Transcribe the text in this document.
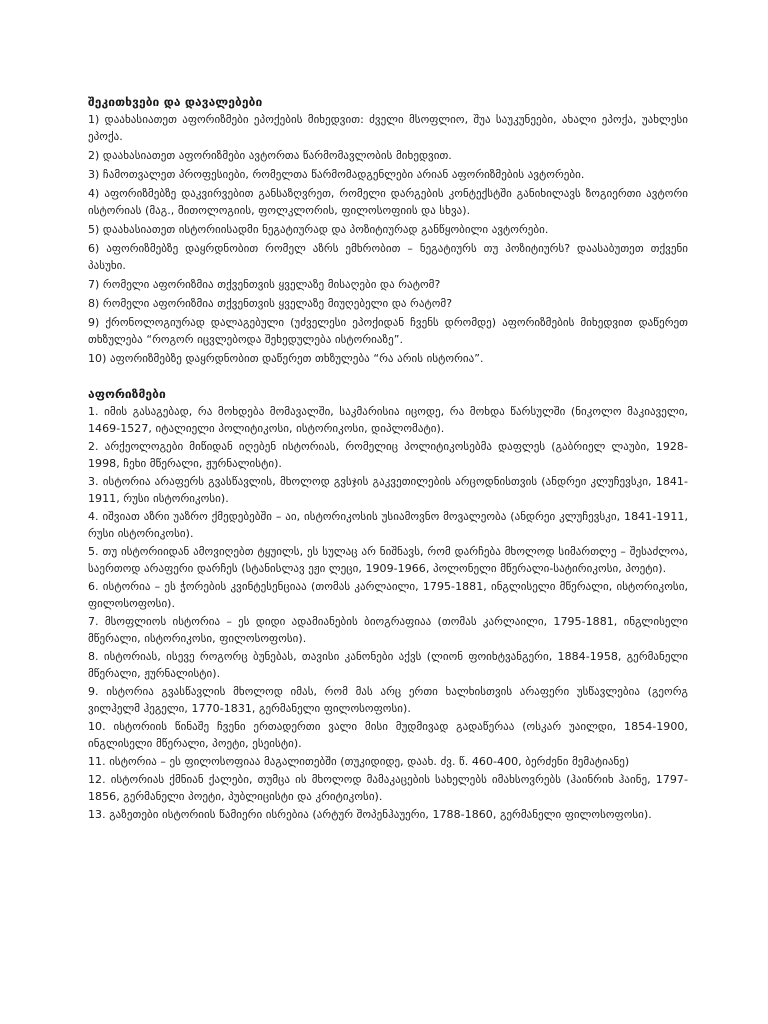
შეკითხვები და დავალებები

1) დაახასიათეთ აფორიზმები ეპოქების მიხედვით: ძველი მსოფლიო, შუა საუკუნეები, ახალი ეპოქა, უახლესი ეპოქა.

2) დაახასიათეთ აფორიზმები ავტორთა წარმომავლობის მიხედვით.

3) ჩამოთვალეთ პროფესიები, რომელთა წარმომადგენლები არიან აფორიზმების ავტორები.

4) აფორიზმებზე დაკვირვებით განსაზღვრეთ, რომელი დარგების კონტექსტში განიხილავს ზოგიერთი ავტორი ისტორიას (მაგ., მითოლოგიის, ფოლკლორის, ფილოსოფიის და სხვა).

5) დაახასიათეთ ისტორიისადმი ნეგატიურად და პოზიტიურად განწყობილი ავტორები.

6) აფორიზმებზე დაყრდნობით რომელ აზრს ემხრობით – ნეგატიურს თუ პოზიტიურს? დაასაბუთეთ თქვენი პასუხი.

7) რომელი აფორიზმია თქვენთვის ყველაზე მისაღები და რატომ?

8) რომელი აფორიზმია თქვენთვის ყველაზე მიუღებელი და რატომ?

9) ქრონოლოგიურად დალაგებული (უძველესი ეპოქიდან ჩვენს დრომდე) აფორიზმების მიხედვით დაწერეთ თხზულება “როგორ იცვლებოდა შეხედულება ისტორიაზე”.

10) აფორიზმებზე დაყრდნობით დაწერეთ თხზულება “რა არის ისტორია”.

აფორიზმები

1. იმის გასაგებად, რა მოხდება მომავალში, საკმარისია იცოდე, რა მოხდა წარსულში (ნიკოლო მაკიაველი, 1469-1527, იტალიელი პოლიტიკოსი, ისტორიკოსი, დიპლომატი).

2. არქეოლოგები მიწიდან იღებენ ისტორიას, რომელიც პოლიტიკოსებმა დაფლეს (გაბრიელ ლაუბი, 1928-1998, ჩეხი მწერალი, ჟურნალისტი).

3. ისტორია არაფერს გვასწავლის, მხოლოდ გვსჯის გაკვეთილების არცოდნისთვის (ანდრეი კლუჩევსკი, 1841-1911, რუსი ისტორიკოსი).

4. იშვიათ აზრი უაზრო ქმედებებში – აი, ისტორიკოსის უსიამოვნო მოვალეობა (ანდრეი კლუჩევსკი, 1841-1911, რუსი ისტორიკოსი).

5. თუ ისტორიიდან ამოვიღებთ ტყუილს, ეს სულაც არ ნიშნავს, რომ დარჩება მხოლოდ სიმართლე – შესაძლოა, საერთოდ არაფერი დარჩეს (სტანისლავ ეჟი ლეცი, 1909-1966, პოლონელი მწერალი-სატირიკოსი, პოეტი).

6. ისტორია – ეს ჭორების კვინტესენციაა (თომას კარლაილი, 1795-1881, ინგლისელი მწერალი, ისტორიკოსი, ფილოსოფოსი).

7. მსოფლიოს ისტორია – ეს დიდი ადამიანების ბიოგრაფიაა (თომას კარლაილი, 1795-1881, ინგლისელი მწერალი, ისტორიკოსი, ფილოსოფოსი).

8. ისტორიას, ისევე როგორც ბუნებას, თავისი კანონები აქვს (ლიონ ფოიხტვანგერი, 1884-1958, გერმანელი მწერალი, ჟურნალისტი).

9. ისტორია გვასწავლის მხოლოდ იმას, რომ მას არც ერთი ხალხისთვის არაფერი უსწავლებია (გეორგ ვილჰელმ ჰეგელი, 1770-1831, გერმანელი ფილოსოფოსი).

10. ისტორიის წინაშე ჩვენი ერთადერთი ვალი მისი მუდმივად გადაწერაა (ოსკარ უაილდი, 1854-1900, ინგლისელი მწერალი, პოეტი, ესეისტი).

11. ისტორია – ეს ფილოსოფიაა მაგალითებში (თუკიდიდე, დაახ. ძვ. წ. 460-400, ბერძენი მემატიანე)

12. ისტორიას ქმნიან ქალები, თუმცა ის მხოლოდ მამაკაცების სახელებს იმახსოვრებს (ჰაინრიხ ჰაინე, 1797-1856, გერმანელი პოეტი, პუბლიცისტი და კრიტიკოსი).

13. გაზეთები ისტორიის წამიერი ისრებია (არტურ შოპენჰაუერი, 1788-1860, გერმანელი ფილოსოფოსი).
